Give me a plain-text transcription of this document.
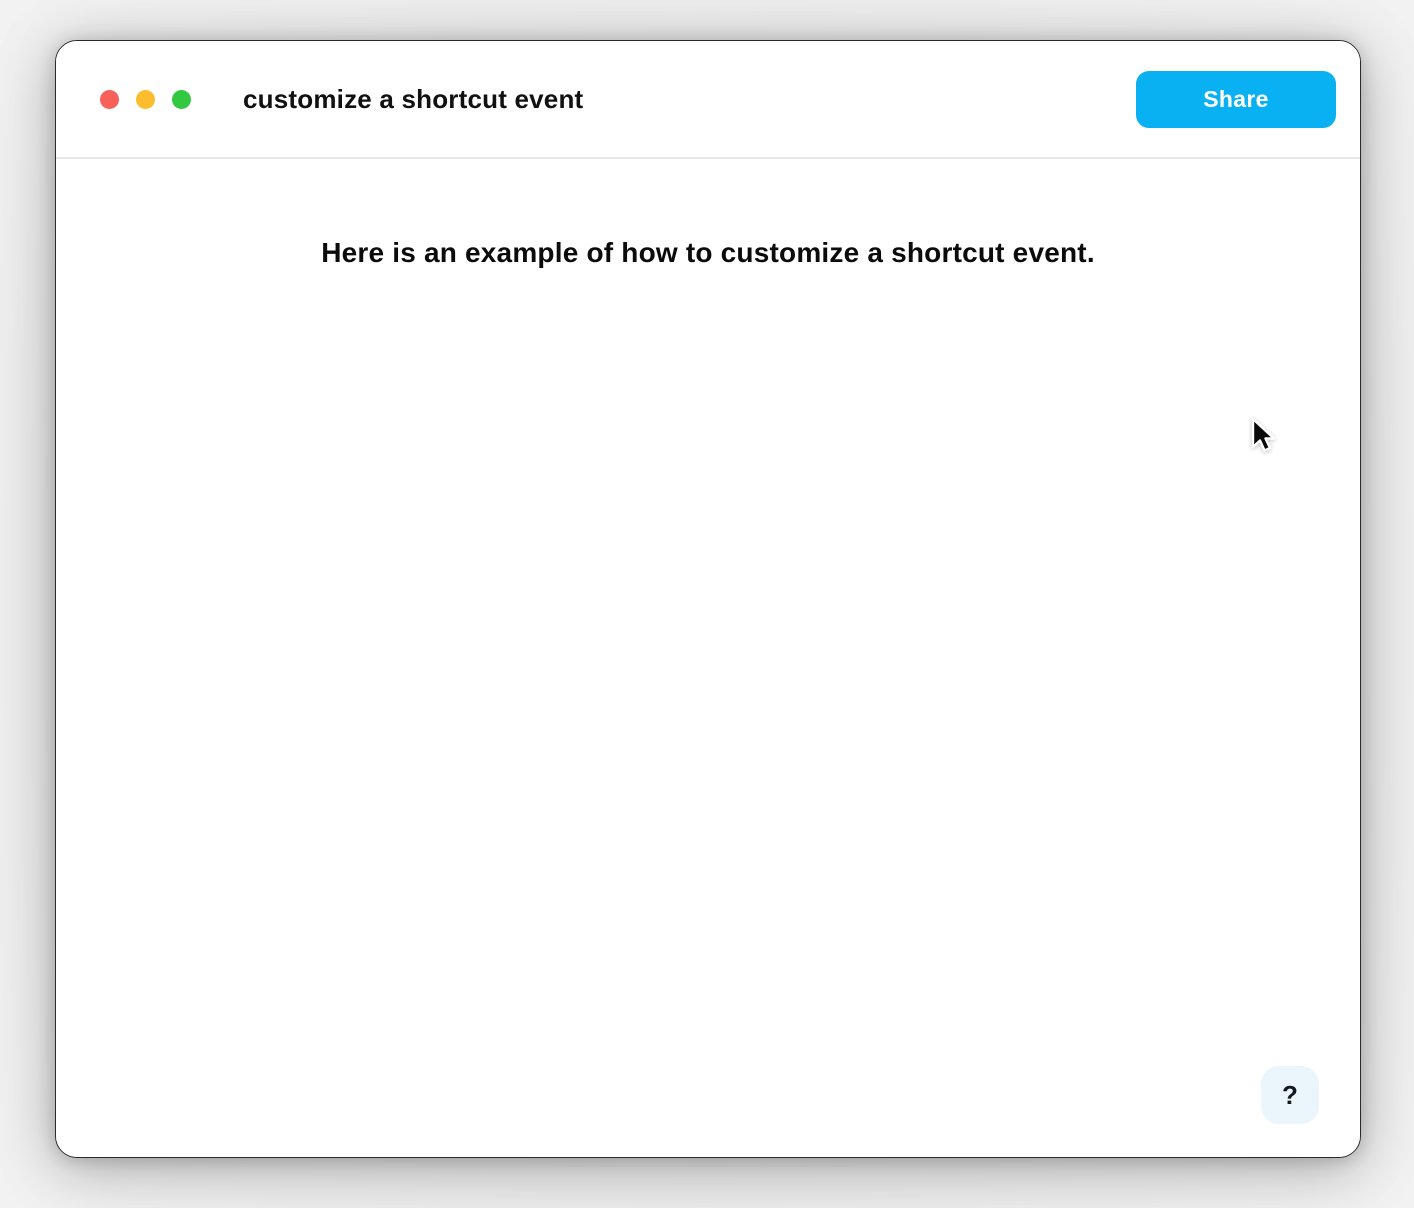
customize a shortcut event	Share
Here is an example of how to customize a shortcut event.
?
